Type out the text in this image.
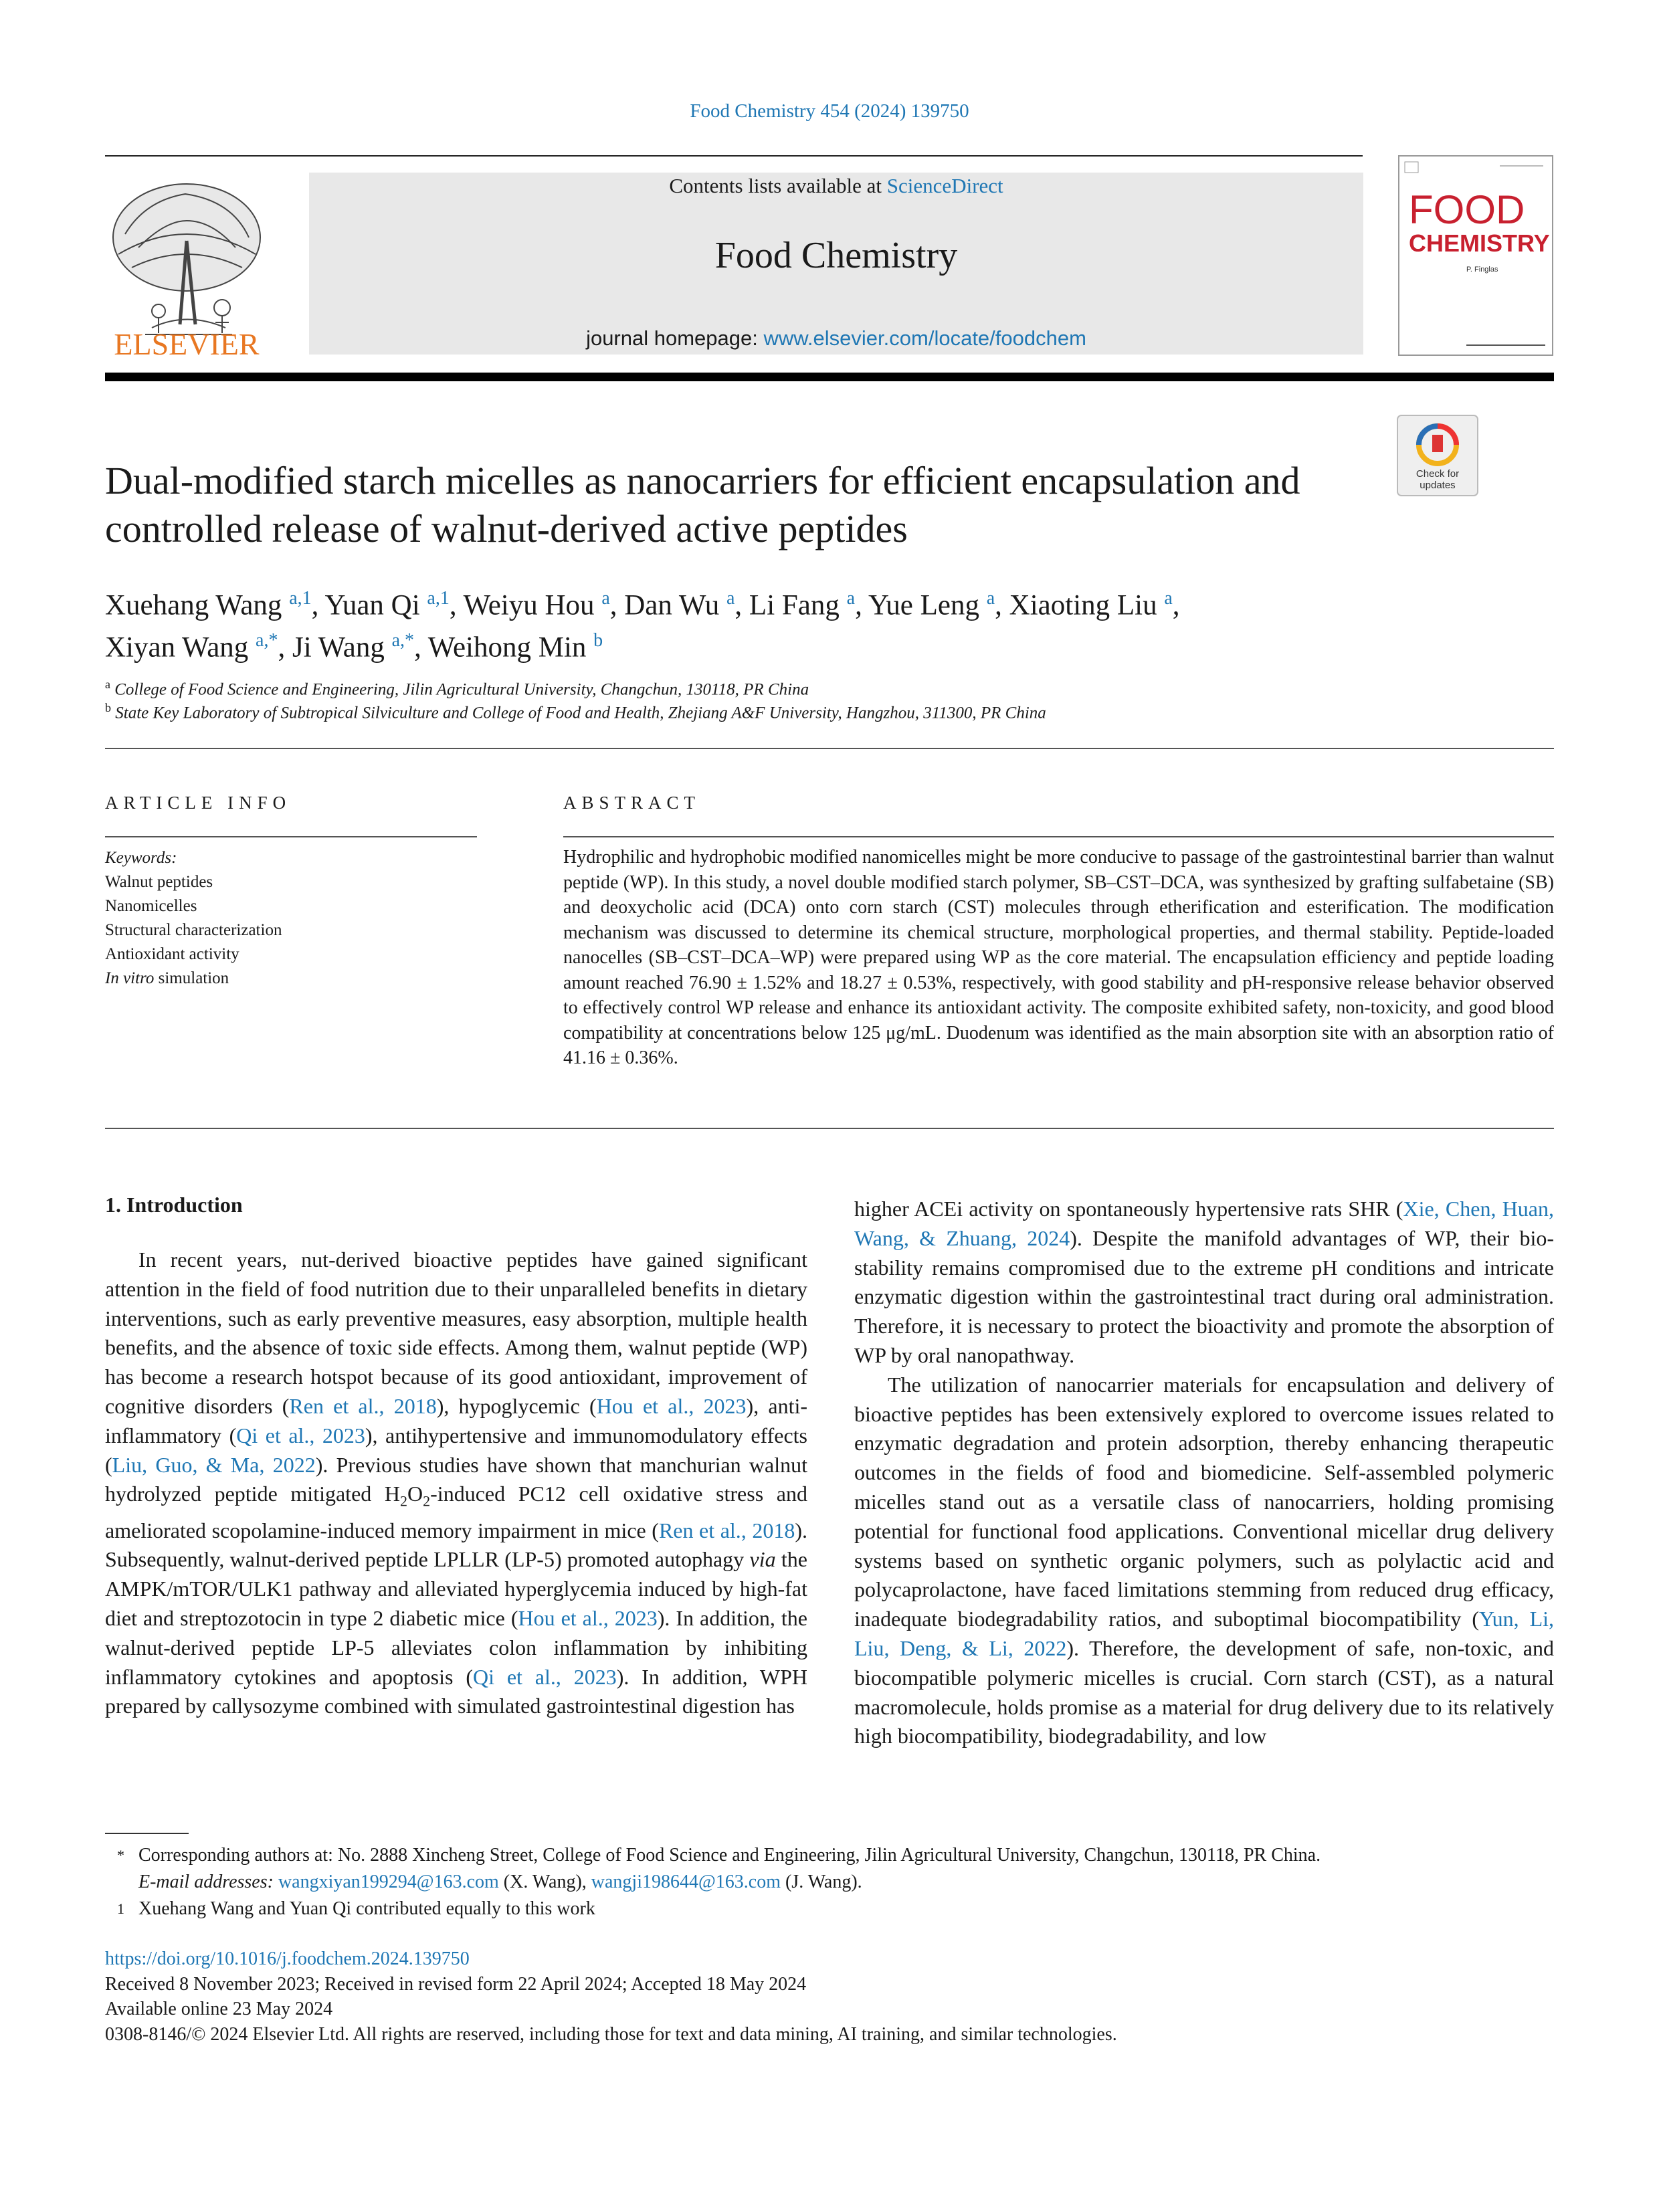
Food Chemistry 454 (2024) 139750
ELSEVIER
Contents lists available at ScienceDirect
Food Chemistry
journal homepage: www.elsevier.com/locate/foodchem
FOOD
CHEMISTRY
P. Finglas
Dual-modified starch micelles as nanocarriers for efficient encapsulation and controlled release of walnut-derived active peptides
Check for
updates
Xuehang Wang $^{a,1}$, Yuan Qi $^{a,1}$, Weiyu Hou $^a$, Dan Wu $^a$, Li Fang $^a$, Yue Leng $^a$, Xiaoting Liu $^a$,
Xiyan Wang $^{a,*}$, Ji Wang $^{a,*}$, Weihong Min $^b$
$^a$ College of Food Science and Engineering, Jilin Agricultural University, Changchun, 130118, PR China
$^b$ State Key Laboratory of Subtropical Silviculture and College of Food and Health, Zhejiang A&F University, Hangzhou, 311300, PR China
ARTICLE INFO	ABSTRACT
Keywords:
Walnut peptides
Nanomicelles
Structural characterization
Antioxidant activity
In vitro simulation
Hydrophilic and hydrophobic modified nanomicelles might be more conducive to passage of the gastrointestinal barrier than walnut peptide (WP). In this study, a novel double modified starch polymer, SB–CST–DCA, was synthesized by grafting sulfabetaine (SB) and deoxycholic acid (DCA) onto corn starch (CST) molecules through etherification and esterification. The modification mechanism was discussed to determine its chemical structure, morphological properties, and thermal stability. Peptide-loaded nanocelles (SB–CST–DCA–WP) were prepared using WP as the core material. The encapsulation efficiency and peptide loading amount reached 76.90 ± 1.52% and 18.27 ± 0.53%, respectively, with good stability and pH-responsive release behavior observed to effectively control WP release and enhance its antioxidant activity. The composite exhibited safety, non-toxicity, and good blood compatibility at concentrations below 125 μg/mL. Duodenum was identified as the main absorption site with an absorption ratio of 41.16 ± 0.36%.
1. Introduction

In recent years, nut-derived bioactive peptides have gained significant attention in the field of food nutrition due to their unparalleled benefits in dietary interventions, such as early preventive measures, easy absorption, multiple health benefits, and the absence of toxic side effects. Among them, walnut peptide (WP) has become a research hotspot because of its good antioxidant, improvement of cognitive disorders (Ren et al., 2018), hypoglycemic (Hou et al., 2023), anti-inflammatory (Qi et al., 2023), antihypertensive and immunomodulatory effects (Liu, Guo, & Ma, 2022). Previous studies have shown that manchurian walnut hydrolyzed peptide mitigated $H_2O_2$-induced PC12 cell oxidative stress and ameliorated scopolamine-induced memory impairment in mice (Ren et al., 2018). Subsequently, walnut-derived peptide LPLLR (LP-5) promoted autophagy via the AMPK/mTOR/ULK1 pathway and alleviated hyperglycemia induced by high-fat diet and streptozotocin in type 2 diabetic mice (Hou et al., 2023). In addition, the walnut-derived peptide LP-5 alleviates colon inflammation by inhibiting inflammatory cytokines and apoptosis (Qi et al., 2023). In addition, WPH prepared by callysozyme combined with simulated gastrointestinal digestion has

higher ACEi activity on spontaneously hypertensive rats SHR (Xie, Chen, Huan, Wang, & Zhuang, 2024). Despite the manifold advantages of WP, their bio-stability remains compromised due to the extreme pH conditions and intricate enzymatic digestion within the gastrointestinal tract during oral administration. Therefore, it is necessary to protect the bioactivity and promote the absorption of WP by oral nanopathway.

The utilization of nanocarrier materials for encapsulation and delivery of bioactive peptides has been extensively explored to overcome issues related to enzymatic degradation and protein adsorption, thereby enhancing therapeutic outcomes in the fields of food and biomedicine. Self-assembled polymeric micelles stand out as a versatile class of nanocarriers, holding promising potential for functional food applications. Conventional micellar drug delivery systems based on synthetic organic polymers, such as polylactic acid and polycaprolactone, have faced limitations stemming from reduced drug efficacy, inadequate biodegradability ratios, and suboptimal biocompatibility (Yun, Li, Liu, Deng, & Li, 2022). Therefore, the development of safe, non-toxic, and biocompatible polymeric micelles is crucial. Corn starch (CST), as a natural macromolecule, holds promise as a material for drug delivery due to its relatively high biocompatibility, biodegradability, and low

* Corresponding authors at: No. 2888 Xincheng Street, College of Food Science and Engineering, Jilin Agricultural University, Changchun, 130118, PR China.
E-mail addresses: wangxiyan199294@163.com (X. Wang), wangji198644@163.com (J. Wang).
1 Xuehang Wang and Yuan Qi contributed equally to this work
https://doi.org/10.1016/j.foodchem.2024.139750
Received 8 November 2023; Received in revised form 22 April 2024; Accepted 18 May 2024
Available online 23 May 2024
0308-8146/© 2024 Elsevier Ltd. All rights are reserved, including those for text and data mining, AI training, and similar technologies.
